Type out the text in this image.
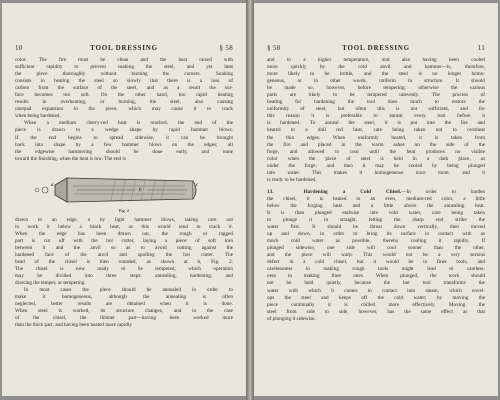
10	TOOL DRESSING	§ 58
color. The fire must be clean and the heat raised with
sufficient rapidity to prevent soaking the steel, and yet heat
the piece thoroughly without burning the corners. Soaking
consists in heating the steel so slowly that there is a loss of
carbon from the surface of the steel, and as a result the sur-
face becomes too soft. On the other hand, too rapid heating
results in overheating, or burning, the steel, also causing
unequal expansion in the piece, which may cause it to crack
when being hardened.
When a medium cherry-red heat is reached, the end of the
piece is drawn to a wedge shape by rapid hammer blows.
If the end begins to spread sidewise, it can be brought
back into shape by a few hammer blows on the edges; all
the edgewise hammering should be done early, and none
toward the finishing, when the heat is low. The end is
a
b
c
Fig. 2
drawn to an edge, a by light hammer blows, taking care not
to work it below a black heat, as this would tend to crack it.
When the edge has been drawn out, the rough or ragged
part is cut off with the hot cutter, laying a piece of soft iron
between it and the anvil so as to avoid cutting against the
hardened face of the anvil and spoiling the hot cutter. The
head of the chisel is then rounded, as shown at b, Fig. 2.
The chisel is now ready to be tempered, which operation
may be divided into three steps: annealing, hardening, and
drawing the temper, or tempering.
In most cases the piece should be annealed in order to
make it homogeneous, although the annealing is often
neglected, better results are obtained when it is done.
When steel is worked, its structure changes, and in the case
of the chisel, the thinner part—having been worked more
than the thick part, and having been heated more rapidly
§ 58	TOOL DRESSING	11
and to a higher temperature, and also having been cooled
more quickly by the cold anvil and hammer—is, therefore,
more likely to be brittle, and the steel is no longer homo-
geneous, or in other words, uniform in structure. It should
be made so, however, before tempering; otherwise the various
parts are likely to be tempered unevenly. The process of
heating for hardening the tool does much to restore the
uniformity of steel, but often this is not sufficient, and for
this reason it is preferable to anneal every tool before it
is hardened. To anneal the steel, it is put into the fire and
heated to a dull red heat, care being taken not to overheat
the thin edges. When uniformly heated, it is taken from
the fire and placed in the warm ashes on the side of the
forge, and allowed to cool until the heat produces no visible
color when the piece of steel is held in a dark place, as
under the forge; and then it may be cooled by being plunged
into water. This makes it homogeneous once more, and it
is ready to be hardened.
13.	Hardening a Cold Chisel.—In order to harden
the chisel, it is heated to an even, medium-red color, a little
below the forging heat and a little above the annealing heat.
It is then plunged endwise into cold water, care being taken
to plunge it in straight, letting the sharp end strike the
water first. It should be thrust down vertically, then moved
up and down, in order to bring its surface in contact with as
much cold water as possible, thereby cooling it rapidly. If
plunged sidewise, one side will cool sooner than the other,
and the piece will warp. This would not be a very serious
defect in a cold chisel, but it would be in finer tools, and
carelessness in making rough tools might lead to careless-
ness in making finer ones. When plunged, the work should
not be held quietly, because the hot tool transforms the
water with which it comes in contact into steam, which envel-
ops the steel and keeps off the cold water; by moving the
piece continually it is chilled more effectively. Moving the
steel from side to side, however, has the same effect as that
of plunging it sidewise.
